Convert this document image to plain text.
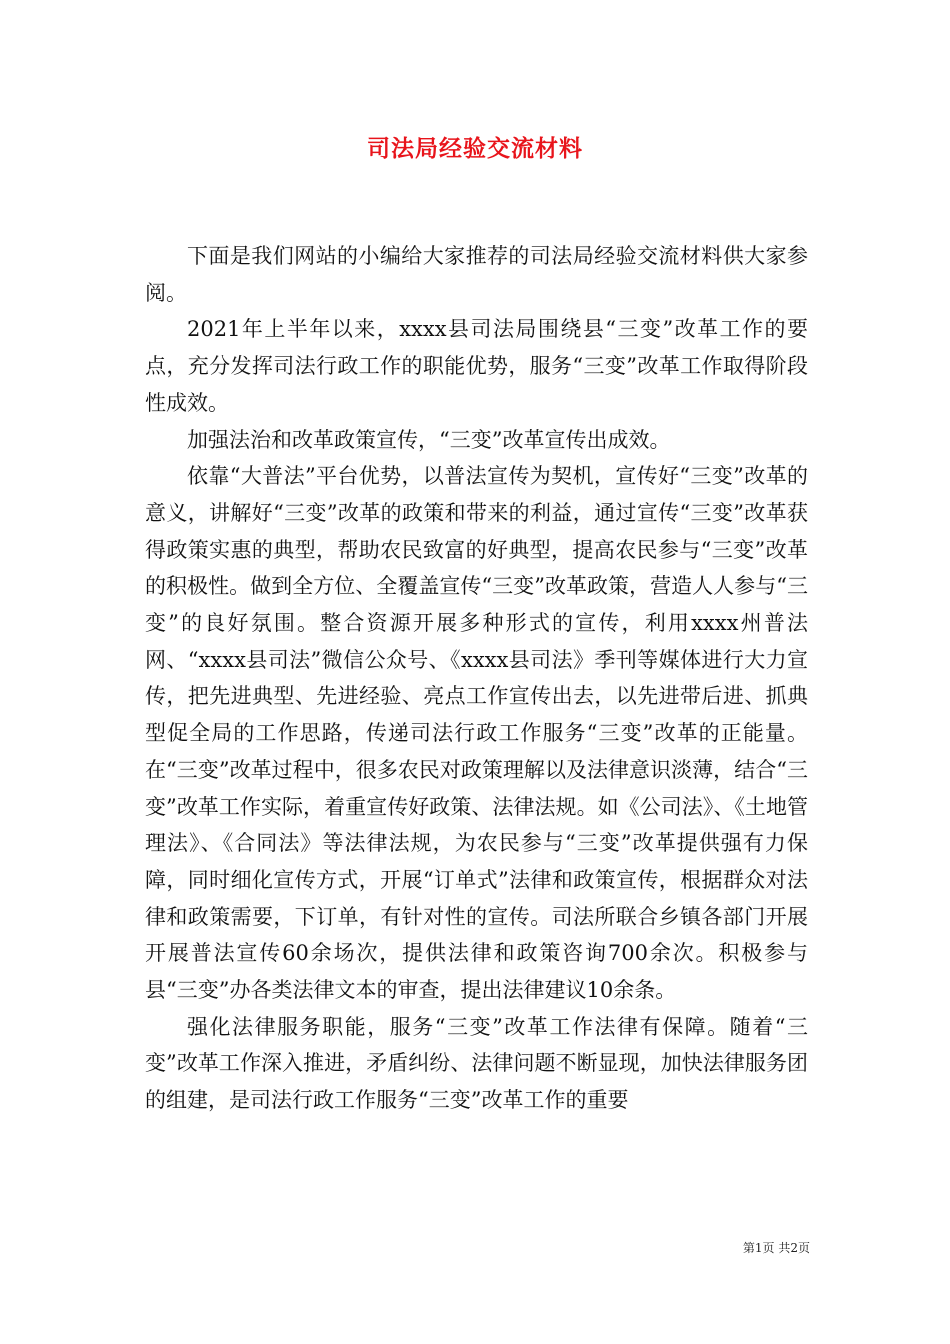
司法局经验交流材料

下面是我们网站的小编给大家推荐的司法局经验交流材料供大家参阅。

2021年上半年以来，xxxx县司法局围绕县“三变”改革工作的要点，充分发挥司法行政工作的职能优势，服务“三变”改革工作取得阶段性成效。

加强法治和改革政策宣传，“三变”改革宣传出成效。

依靠“大普法”平台优势，以普法宣传为契机，宣传好“三变”改革的意义，讲解好“三变”改革的政策和带来的利益，通过宣传“三变”改革获得政策实惠的典型，帮助农民致富的好典型，提高农民参与“三变”改革的积极性。做到全方位、全覆盖宣传“三变”改革政策，营造人人参与“三变”的良好氛围。整合资源开展多种形式的宣传，利用xxxx州普法网、“xxxx县司法”微信公众号、《xxxx县司法》季刊等媒体进行大力宣传，把先进典型、先进经验、亮点工作宣传出去，以先进带后进、抓典型促全局的工作思路，传递司法行政工作服务“三变”改革的正能量。在“三变”改革过程中，很多农民对政策理解以及法律意识淡薄，结合“三变”改革工作实际，着重宣传好政策、法律法规。如《公司法》、《土地管理法》、《合同法》等法律法规，为农民参与“三变”改革提供强有力保障，同时细化宣传方式，开展“订单式”法律和政策宣传，根据群众对法律和政策需要，下订单，有针对性的宣传。司法所联合乡镇各部门开展开展普法宣传60余场次，提供法律和政策咨询700余次。积极参与县“三变”办各类法律文本的审查，提出法律建议10余条。

强化法律服务职能，服务“三变”改革工作法律有保障。随着“三变”改革工作深入推进，矛盾纠纷、法律问题不断显现，加快法律服务团的组建，是司法行政工作服务“三变”改革工作的重要

第1页 共2页
